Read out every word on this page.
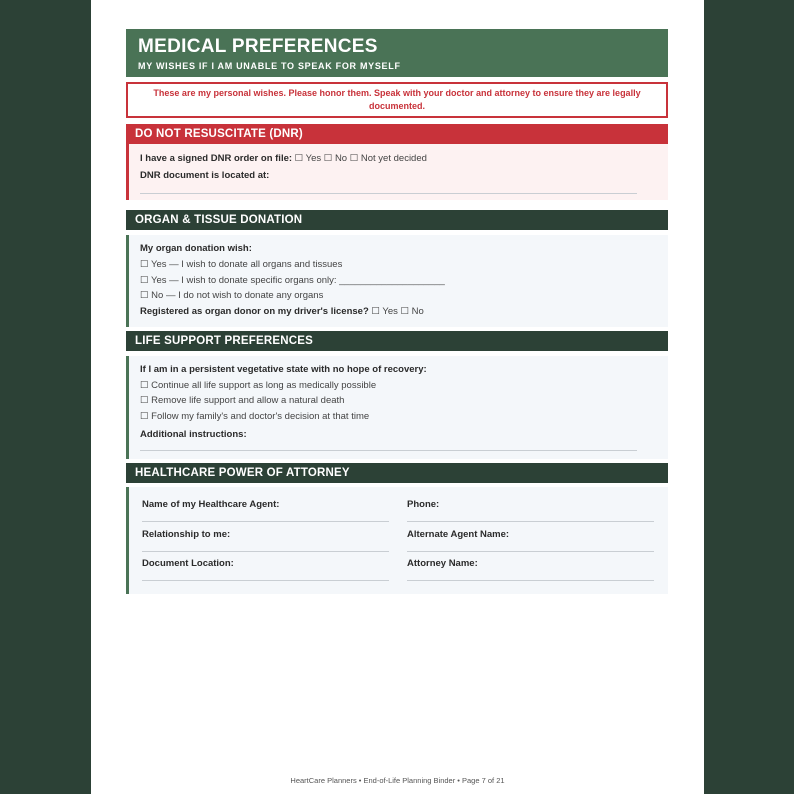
MEDICAL PREFERENCES
MY WISHES IF I AM UNABLE TO SPEAK FOR MYSELF
These are my personal wishes. Please honor them. Speak with your doctor and attorney to ensure they are legally documented.
DO NOT RESUSCITATE (DNR)
I have a signed DNR order on file: ☐ Yes ☐ No ☐ Not yet decided
DNR document is located at:
ORGAN & TISSUE DONATION
My organ donation wish:
☐ Yes — I wish to donate all organs and tissues
☐ Yes — I wish to donate specific organs only: ____________________
☐ No — I do not wish to donate any organs
Registered as organ donor on my driver's license? ☐ Yes ☐ No
LIFE SUPPORT PREFERENCES
If I am in a persistent vegetative state with no hope of recovery:
☐ Continue all life support as long as medically possible
☐ Remove life support and allow a natural death
☐ Follow my family's and doctor's decision at that time
Additional instructions:
HEALTHCARE POWER OF ATTORNEY
Name of my Healthcare Agent:
Relationship to me:
Document Location:
Phone:
Alternate Agent Name:
Attorney Name:
HeartCare Planners • End-of-Life Planning Binder • Page 7 of 21
